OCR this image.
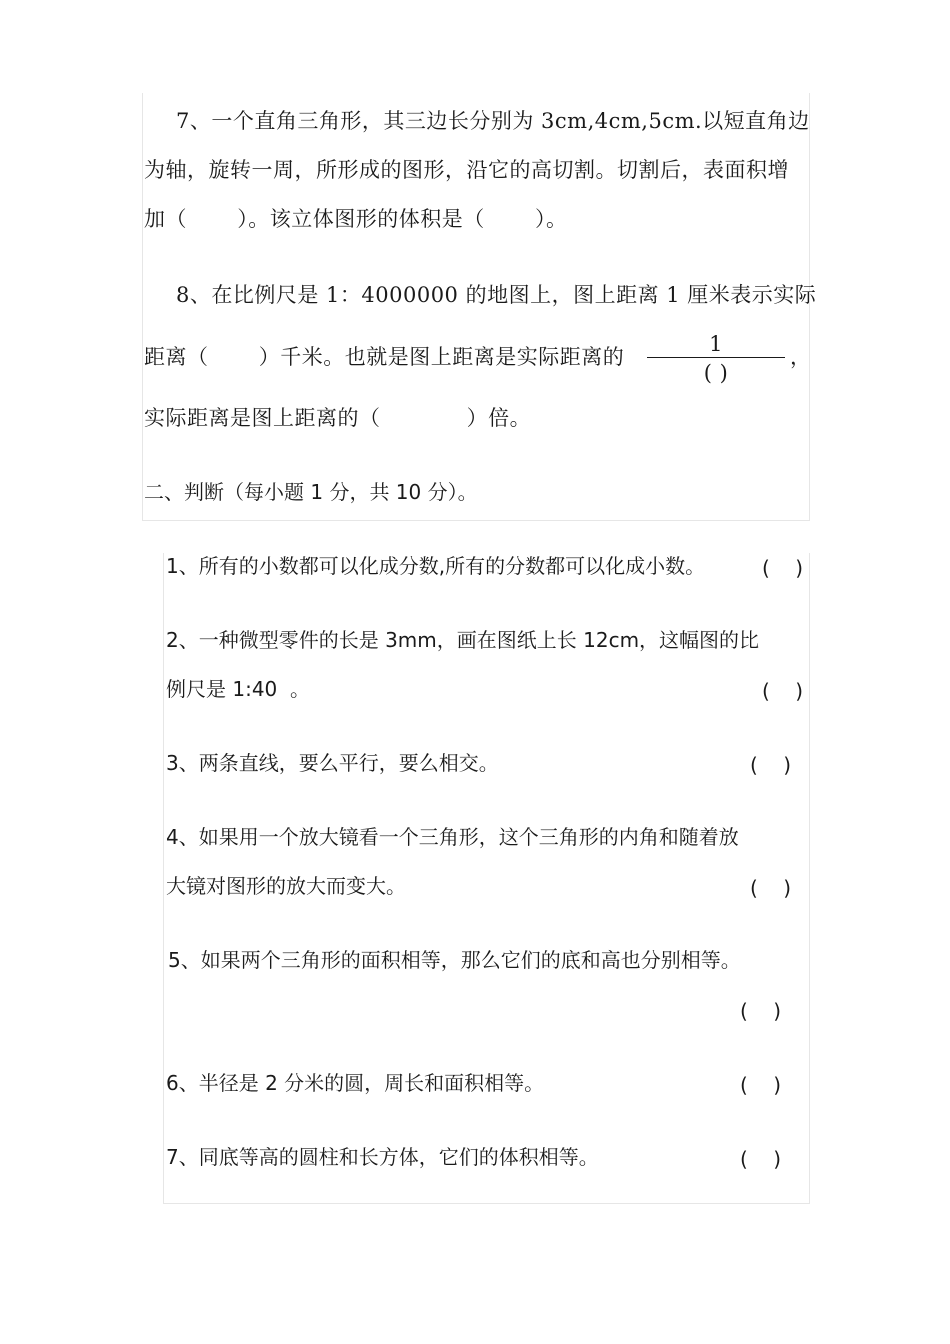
7、一个直角三角形，其三边长分别为 3cm,4cm,5cm.以短直角边
为轴，旋转一周，所形成的图形，沿它的高切割。切割后，表面积增
加（       ）。该立体图形的体积是（       ）。
8、在比例尺是 1：4000000 的地图上，图上距离 1 厘米表示实际
距离（       ）千米。也就是图上距离是实际距离的
1
( )
，
实际距离是图上距离的（            ）倍。
二、判断（每小题 1 分，共 10 分）。
1、所有的小数都可以化成分数,所有的分数都可以化成小数。	(    )
2、一种微型零件的长是 3mm，画在图纸上长 12cm，这幅图的比
例尺是 1:40  。	(    )
3、两条直线，要么平行，要么相交。	(    )
4、如果用一个放大镜看一个三角形，这个三角形的内角和随着放
大镜对图形的放大而变大。	(    )
5、如果两个三角形的面积相等，那么它们的底和高也分别相等。
(    )
6、半径是 2 分米的圆，周长和面积相等。	(    )
7、同底等高的圆柱和长方体，它们的体积相等。	(    )
